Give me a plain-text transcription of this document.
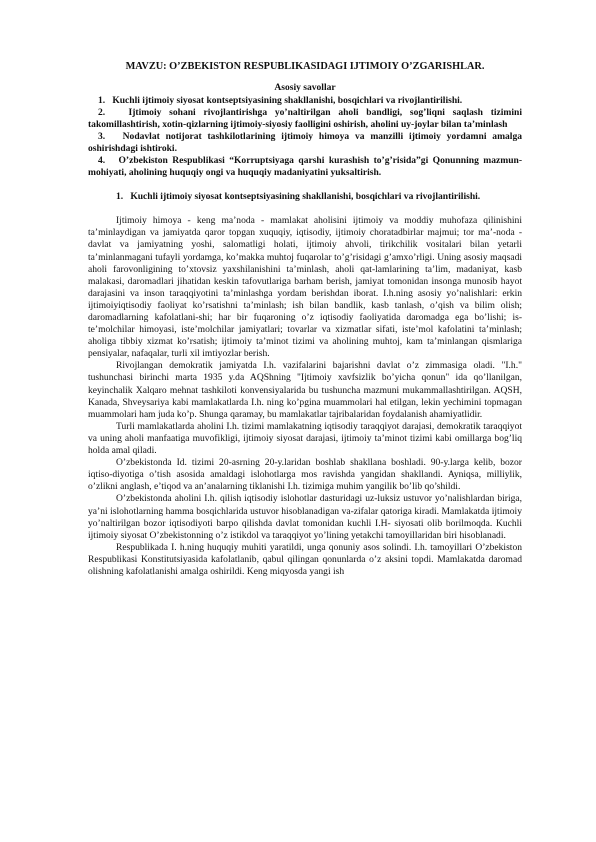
MAVZU: O’ZBEKISTON RESPUBLIKASIDAGI IJTIMOIY O’ZGARISHLAR.
Asosiy savollar
1.   Kuchli ijtimoiy siyosat kontseptsiyasining shakllanishi, bosqichlari va rivojlantirilishi.
2.   Ijtimoiy sohani rivojlantirishga yo’naltirilgan aholi bandligi, sog’liqni saqlash tizimini takomillashtirish, xotin-qizlarning ijtimoiy-siyosiy faolligini oshirish, aholini uy-joylar bilan ta’minlash
3.   Nodavlat notijorat tashkilotlarining ijtimoiy himoya va manzilli ijtimoiy yordamni amalga oshirishdagi ishtiroki.
4.   O’zbekiston Respublikasi “Korruptsiyaga qarshi kurashish to’g’risida”gi Qonunning mazmun-mohiyati, aholining huquqiy ongi va huquqiy madaniyatini yuksaltirish.
1.   Kuchli ijtimoiy siyosat kontseptsiyasining shakllanishi, bosqichlari va rivojlantirilishi.

Ijtimoiy himoya - keng ma’noda - mamlakat aholisini ijtimoiy va moddiy muhofaza qilinishini ta’minlaydigan va jamiyatda qaror topgan xuquqiy, iqtisodiy, ijtimoiy choratadbirlar majmui; tor ma’-noda - davlat va jamiyatning yoshi, salomatligi holati, ijtimoiy ahvoli, tirikchilik vositalari bilan yetarli ta’minlanmagani tufayli yordamga, ko’makka muhtoj fuqarolar to’g’risidagi g’amxo’rligi. Uning asosiy maqsadi aholi farovonligining to’xtovsiz yaxshilanishini ta’minlash, aholi qat-lamlarining ta’lim, madaniyat, kasb malakasi, daromadlari jihatidan keskin tafovutlariga barham berish, jamiyat tomonidan insonga munosib hayot darajasini va inson taraqqiyotini ta’minlashga yordam berishdan iborat. I.h.ning asosiy yo’nalishlari: erkin ijtimoiyiqtisodiy faoliyat ko’rsatishni ta’minlash; ish bilan bandlik, kasb tanlash, o’qish va bilim olish; daromadlarning kafolatlani-shi; har bir fuqaroning o’z iqtisodiy faoliyatida daromadga ega bo’lishi; is-te’molchilar himoyasi, iste’molchilar jamiyatlari; tovarlar va xizmatlar sifati, iste’mol kafolatini ta’minlash; aholiga tibbiy xizmat ko’rsatish; ijtimoiy ta’minot tizimi va aholining muhtoj, kam ta’minlangan qismlariga pensiyalar, nafaqalar, turli xil imtiyozlar berish.

Rivojlangan demokratik jamiyatda I.h. vazifalarini bajarishni davlat o’z zimmasiga oladi. "I.h." tushunchasi birinchi marta 1935 y.da AQShning "Ijtimoiy xavfsizlik bo’yicha qonun" ida qo’llanilgan, keyinchalik Xalqaro mehnat tashkiloti konvensiyalarida bu tushuncha mazmuni mukammallashtirilgan. AQSH, Kanada, Shveysariya kabi mamlakatlarda I.h. ning ko’pgina muammolari hal etilgan, lekin yechimini topmagan muammolari ham juda ko’p. Shunga qaramay, bu mamlakatlar tajribalaridan foydalanish ahamiyatlidir.

Turli mamlakatlarda aholini I.h. tizimi mamlakatning iqtisodiy taraqqiyot darajasi, demokratik taraqqiyot va uning aholi manfaatiga muvofikligi, ijtimoiy siyosat darajasi, ijtimoiy ta’minot tizimi kabi omillarga bog’liq holda amal qiladi.

O’zbekistonda Id. tizimi 20-asrning 20-y.laridan boshlab shakllana boshladi. 90-y.larga kelib, bozor iqtiso-diyotiga o’tish asosida amaldagi islohotlarga mos ravishda yangidan shakllandi. Ayniqsa, milliylik, o’zlikni anglash, e’tiqod va an’analarning tiklanishi I.h. tizimiga muhim yangilik bo’lib qo’shildi.

O’zbekistonda aholini I.h. qilish iqtisodiy islohotlar dasturidagi uz-luksiz ustuvor yo’nalishlardan biriga, ya’ni islohotlarning hamma bosqichlarida ustuvor hisoblanadigan va-zifalar qatoriga kiradi. Mamlakatda ijtimoiy yo’naltirilgan bozor iqtisodiyoti barpo qilishda davlat tomonidan kuchli I.H- siyosati olib borilmoqda. Kuchli ijtimoiy siyosat O’zbekistonning o’z istikdol va taraqqiyot yo’lining yetakchi tamoyillaridan biri hisoblanadi.

Respublikada I. h.ning huquqiy muhiti yaratildi, unga qonuniy asos solindi. I.h. tamoyillari O’zbekiston Respublikasi Konstitutsiyasida kafolatlanib, qabul qilingan qonunlarda o’z aksini topdi. Mamlakatda daromad olishning kafolatlanishi amalga oshirildi. Keng miqyosda yangi ish
